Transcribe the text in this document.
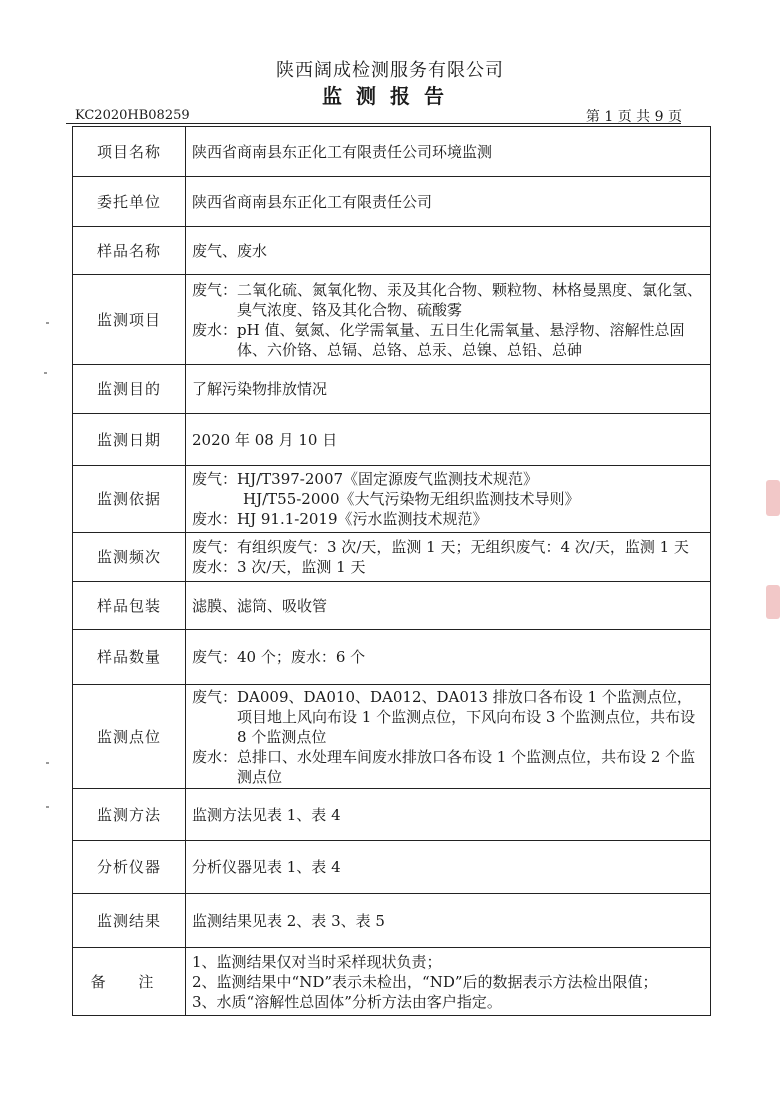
陕西阔成检测服务有限公司
监测报告
KC2020HB08259	第 1 页 共 9 页
项目名称	陕西省商南县东正化工有限责任公司环境监测
委托单位	陕西省商南县东正化工有限责任公司
样品名称	废气、废水
监测项目	废气： 二氧化硫、氮氧化物、汞及其化合物、颗粒物、林格曼黑度、氯化氢、臭气浓度、铬及其化合物、硫酸雾
废水： pH 值、氨氮、化学需氧量、五日生化需氧量、悬浮物、溶解性总固体、六价铬、总镉、总铬、总汞、总镍、总铅、总砷

监测目的	了解污染物排放情况
监测日期	2020 年 08 月 10 日
监测依据	废气：HJ/T397-2007《固定源废气监测技术规范》
HJ/T55-2000《大气污染物无组织监测技术导则》
废水：HJ 91.1-2019《污水监测技术规范》

监测频次	废气：有组织废气：3 次/天，监测 1 天；无组织废气：4 次/天，监测 1 天
废水：3 次/天，监测 1 天

样品包装	滤膜、滤筒、吸收管
样品数量	废气：40 个；废水：6 个
监测点位	废气： DA009、DA010、DA012、DA013 排放口各布设 1 个监测点位，项目地上风向布设 1 个监测点位，下风向布设 3 个监测点位，共布设 8 个监测点位
废水： 总排口、水处理车间废水排放口各布设 1 个监测点位，共布设 2 个监测点位

监测方法	监测方法见表 1、表 4
分析仪器	分析仪器见表 1、表 4
监测结果	监测结果见表 2、表 3、表 5
备 注	1、监测结果仅对当时采样现状负责；
2、监测结果中“ND”表示未检出，“ND”后的数据表示方法检出限值；
3、水质“溶解性总固体”分析方法由客户指定。
